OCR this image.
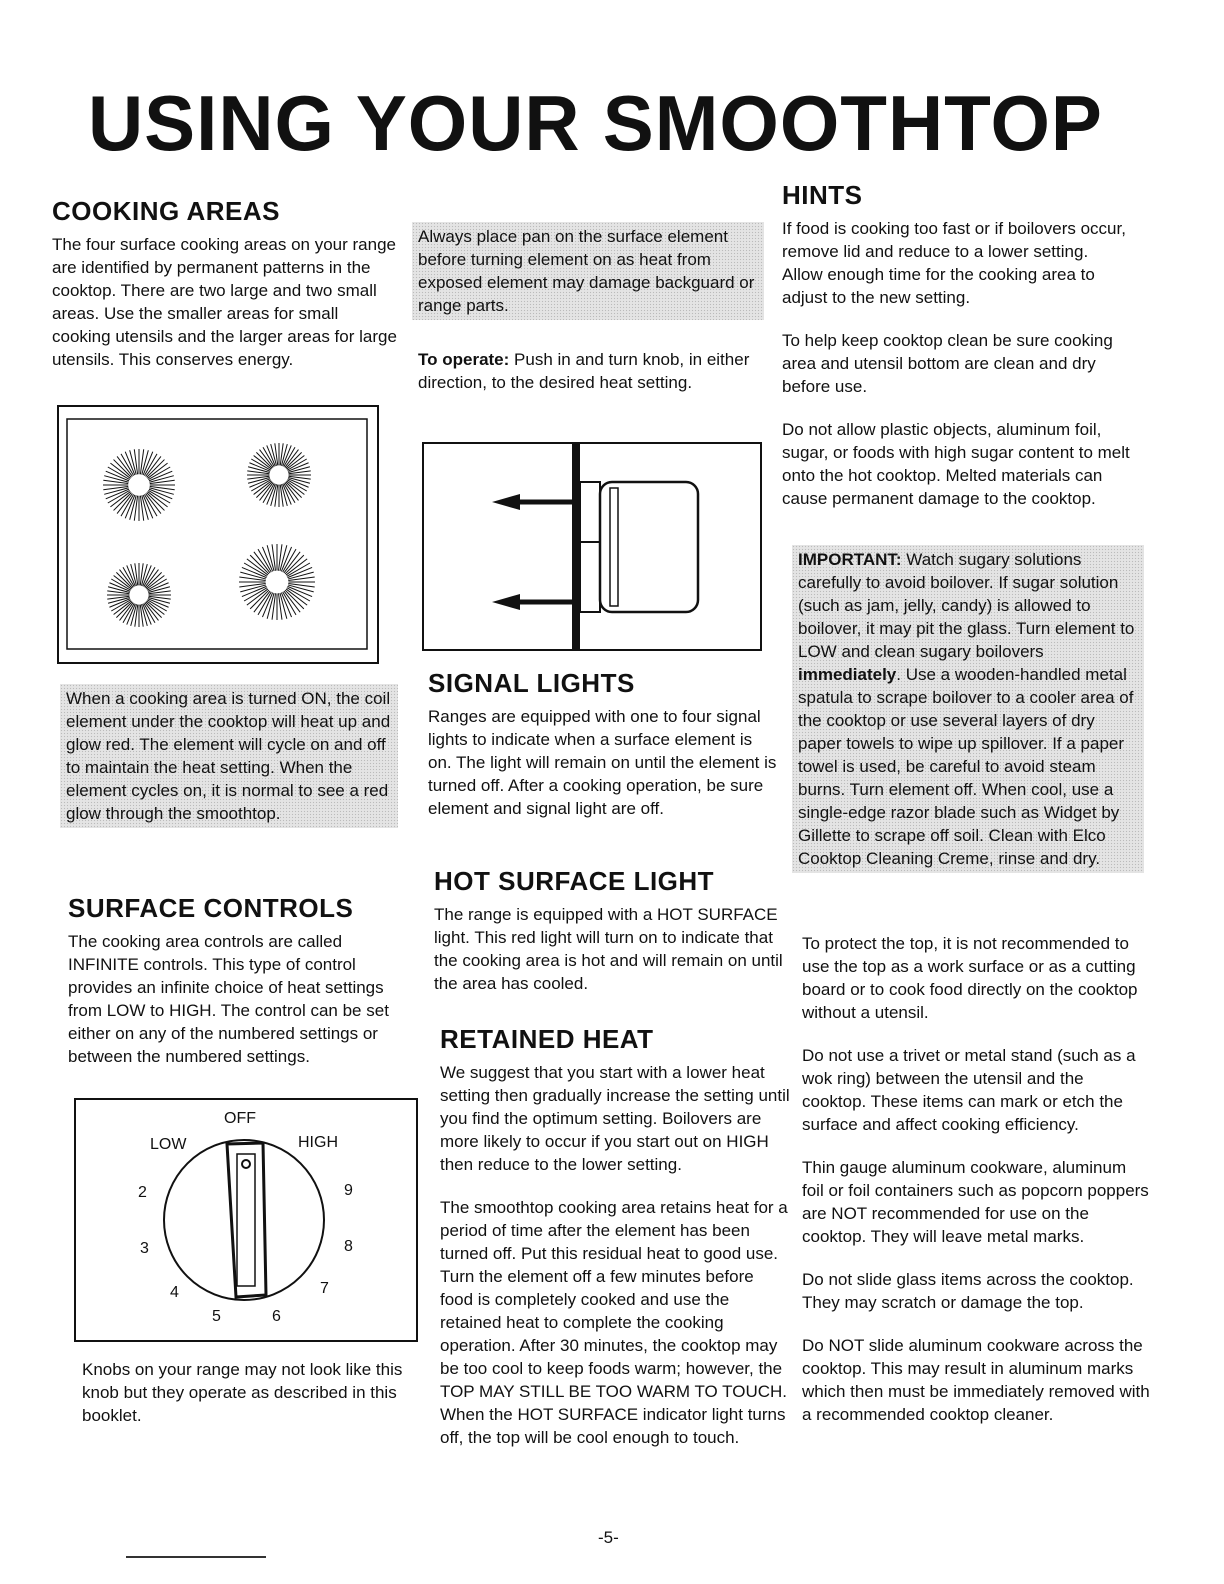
USING YOUR SMOOTHTOP
COOKING AREAS

The four surface cooking areas on your range are identified by permanent patterns in the cooktop. There are two large and two small areas. Use the smaller areas for small cooking utensils and the larger areas for large utensils. This conserves energy.

When a cooking area is turned ON, the coil element under the cooktop will heat up and glow red. The element will cycle on and off to maintain the heat setting. When the element cycles on, it is normal to see a red glow through the smoothtop.

SURFACE CONTROLS

The cooking area controls are called INFINITE controls. This type of control provides an infinite choice of heat settings from LOW to HIGH. The control can be set either on any of the numbered settings or between the numbered settings.

OFF
LOW	HIGH
2
3
4
5	6
7
8
9

Knobs on your range may not look like this knob but they operate as described in this booklet.

Always place pan on the surface element before turning element on as heat from exposed element may damage backguard or range parts.

To operate: Push in and turn knob, in either direction, to the desired heat setting.

SIGNAL LIGHTS

Ranges are equipped with one to four signal lights to indicate when a surface element is on. The light will remain on until the element is turned off. After a cooking operation, be sure element and signal light are off.

HOT SURFACE LIGHT

The range is equipped with a HOT SURFACE light. This red light will turn on to indicate that the cooking area is hot and will remain on until the area has cooled.

RETAINED HEAT

We suggest that you start with a lower heat setting then gradually increase the setting until you find the optimum setting. Boilovers are more likely to occur if you start out on HIGH then reduce to the lower setting.

The smoothtop cooking area retains heat for a period of time after the element has been turned off. Put this residual heat to good use. Turn the element off a few minutes before food is completely cooked and use the retained heat to complete the cooking operation. After 30 minutes, the cooktop may be too cool to keep foods warm; however, the TOP MAY STILL BE TOO WARM TO TOUCH. When the HOT SURFACE indicator light turns off, the top will be cool enough to touch.

HINTS

If food is cooking too fast or if boilovers occur, remove lid and reduce to a lower setting. Allow enough time for the cooking area to adjust to the new setting.

To help keep cooktop clean be sure cooking area and utensil bottom are clean and dry before use.

Do not allow plastic objects, aluminum foil, sugar, or foods with high sugar content to melt onto the hot cooktop. Melted materials can cause permanent damage to the cooktop.

IMPORTANT: Watch sugary solutions carefully to avoid boilover. If sugar solution (such as jam, jelly, candy) is allowed to boilover, it may pit the glass. Turn element to LOW and clean sugary boilovers immediately. Use a wooden-handled metal spatula to scrape boilover to a cooler area of the cooktop or use several layers of dry paper towels to wipe up spillover. If a paper towel is used, be careful to avoid steam burns. Turn element off. When cool, use a single-edge razor blade such as Widget by Gillette to scrape off soil. Clean with Elco Cooktop Cleaning Creme, rinse and dry.

To protect the top, it is not recommended to use the top as a work surface or as a cutting board or to cook food directly on the cooktop without a utensil.

Do not use a trivet or metal stand (such as a wok ring) between the utensil and the cooktop. These items can mark or etch the surface and affect cooking efficiency.

Thin gauge aluminum cookware, aluminum foil or foil containers such as popcorn poppers are NOT recommended for use on the cooktop. They will leave metal marks.

Do not slide glass items across the cooktop. They may scratch or damage the top.

Do NOT slide aluminum cookware across the cooktop. This may result in aluminum marks which then must be immediately removed with a recommended cooktop cleaner.

-5-
